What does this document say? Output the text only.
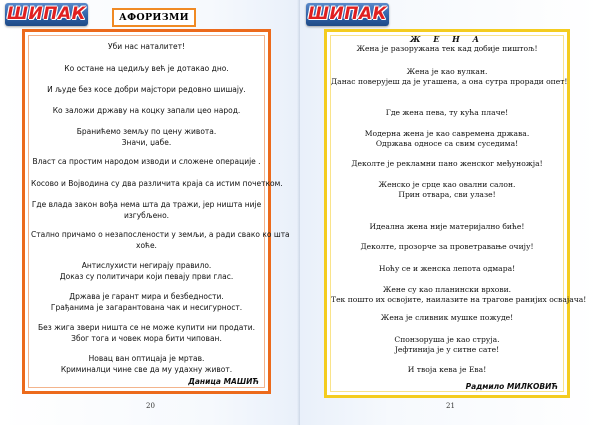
ШИПАК	АФОРИЗМИ
Уби нас наталитет!
Ко остане на цедиљу већ је дотакао дно.
И људе без косе добри мајстори редовно шишају.
Ко заложи државу на коцку запали цео народ.
Бранићемо земљу по цену живота.
Значи, џабе.
Власт са простим народом изводи и сложене операције .
Косово и Војводина су два различита краја са истим почетком.
Где влада закон вођа нема шта да тражи, јер ништа није
изгубљено.
Стално причамо о незапослености у земљи, а ради свако ко шта
хоће.
Антислухисти негирају правило.
Доказ су политичари који певају први глас.
Држава је гарант мира и безбедности.
Грађанима је загарантована чак и несигурност.
Без жига звери ништа се не може купити ни продати.
Због тога и човек мора бити чипован.
Новац ван оптицаја је мртав.
Криминалци чине све да му удахну живот.
Даница МАШИЋ
20
ШИПАК
Ж Е Н А
Жена је разоружана тек кад добије пиштољ!
Жена је као вулкан.
Данас поверујеш да је угашена, а она сутра проради опет!
Где жена пева, ту кућа плаче!
Модерна жена је као савремена држава.
Одржава односе са свим суседима!
Деколте је рекламни пано женског међуножја!
Женско је срце као овални салон.
Прин отвара, сви улазе!
Идеална жена није материјално биће!
Деколте, прозорче за проветравање очију!
Ноћу се и женска лепота одмара!
Жене су као планински врхови.
Тек пошто их освојите, наилазите на трагове ранијих освајача!
Жена је сливник мушке пожуде!
Спонзоруша је као струја.
Јефтинија је у ситне сате!
И твоја кева је Ева!
Радмило МИЛКОВИЋ
21
